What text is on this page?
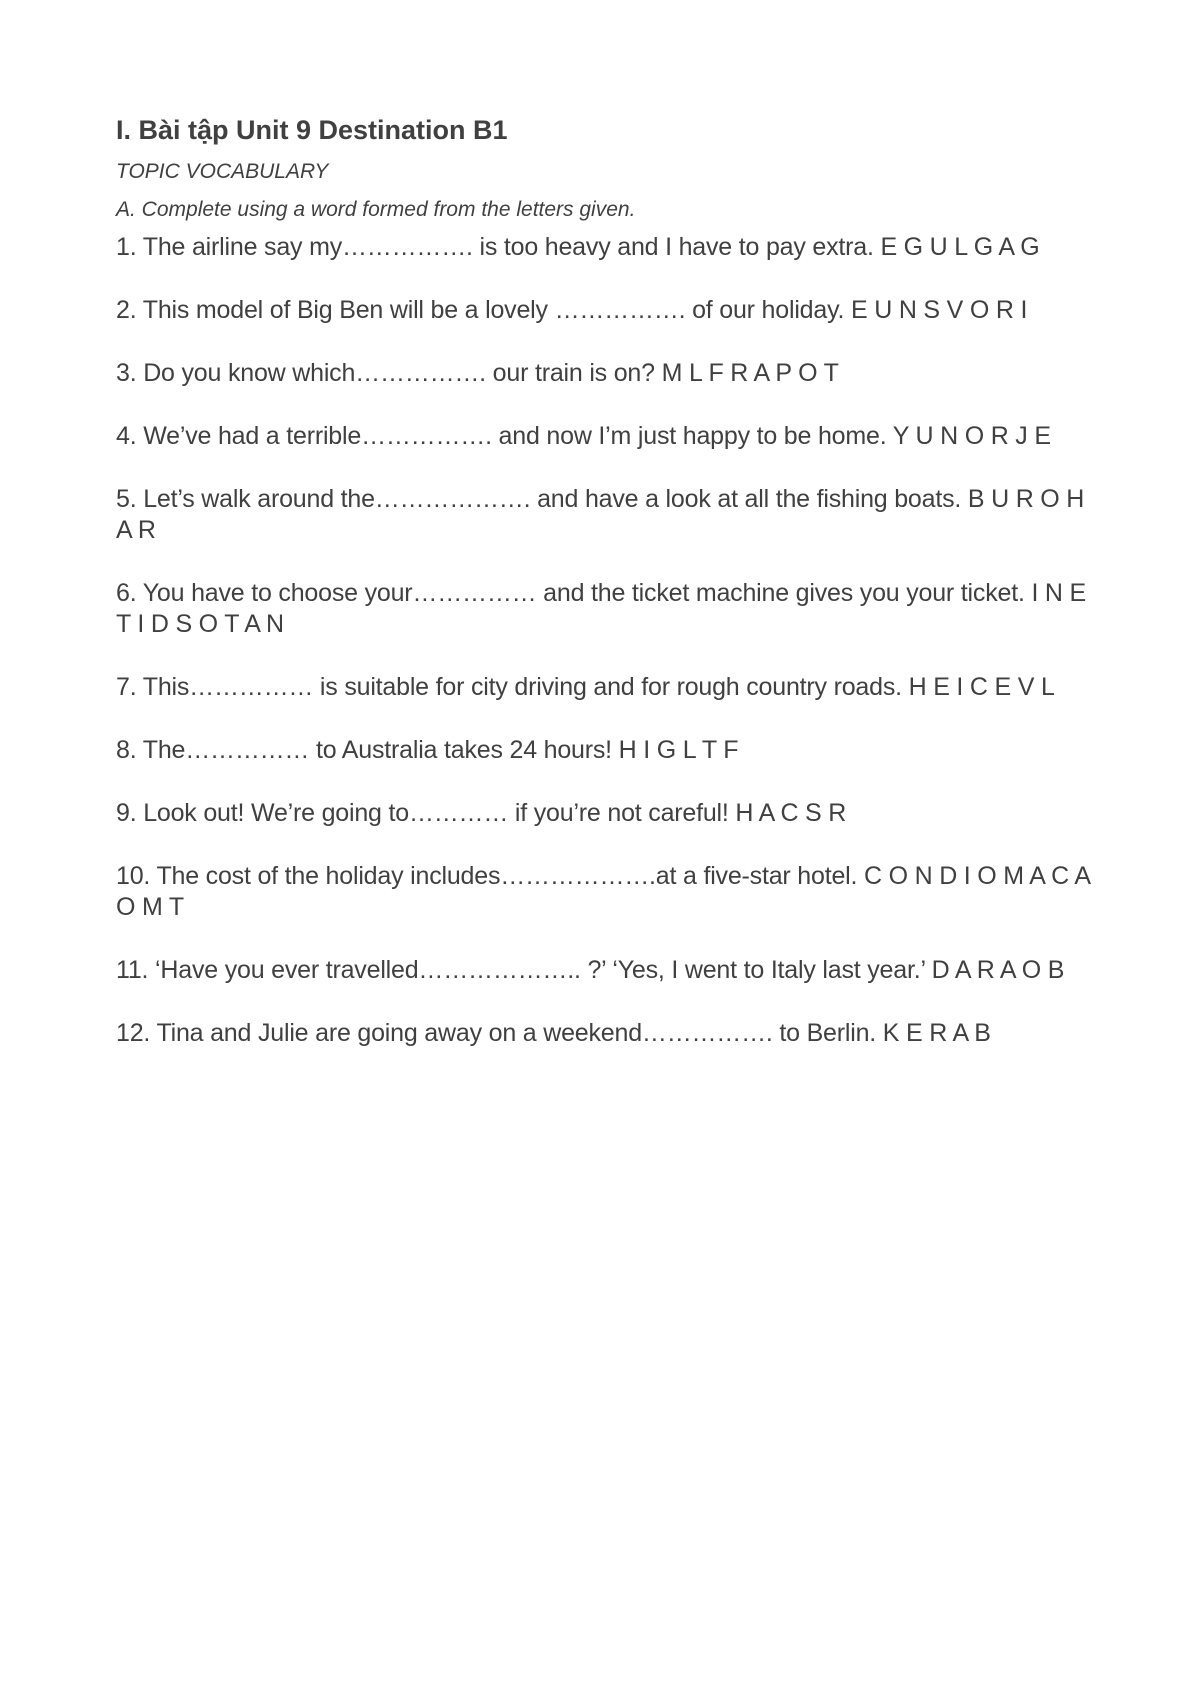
I. Bài tập Unit 9 Destination B1
TOPIC VOCABULARY
A. Complete using a word formed from the letters given.
1. The airline say my……………. is too heavy and I have to pay extra. E G U L G A G
2. This model of Big Ben will be a lovely ……………. of our holiday. E U N S V O R I
3. Do you know which……………. our train is on? M L F R A P O T
4. We’ve had a terrible……………. and now I’m just happy to be home. Y U N O R J E
5. Let’s walk around the………………. and have a look at all the fishing boats. B U R O H A R
6. You have to choose your…………… and the ticket machine gives you your ticket. I N E T I D S O T A N
7. This…………… is suitable for city driving and for rough country roads. H E I C E V L
8. The…………… to Australia takes 24 hours! H I G L T F
9. Look out! We’re going to………… if you’re not careful! H A C S R
10. The cost of the holiday includes……………….at a five-star hotel. C O N D I O M A C A O M T
11. ‘Have you ever travelled……………….. ?’ ‘Yes, I went to Italy last year.’ D A R A O B
12. Tina and Julie are going away on a weekend……………. to Berlin. K E R A B
